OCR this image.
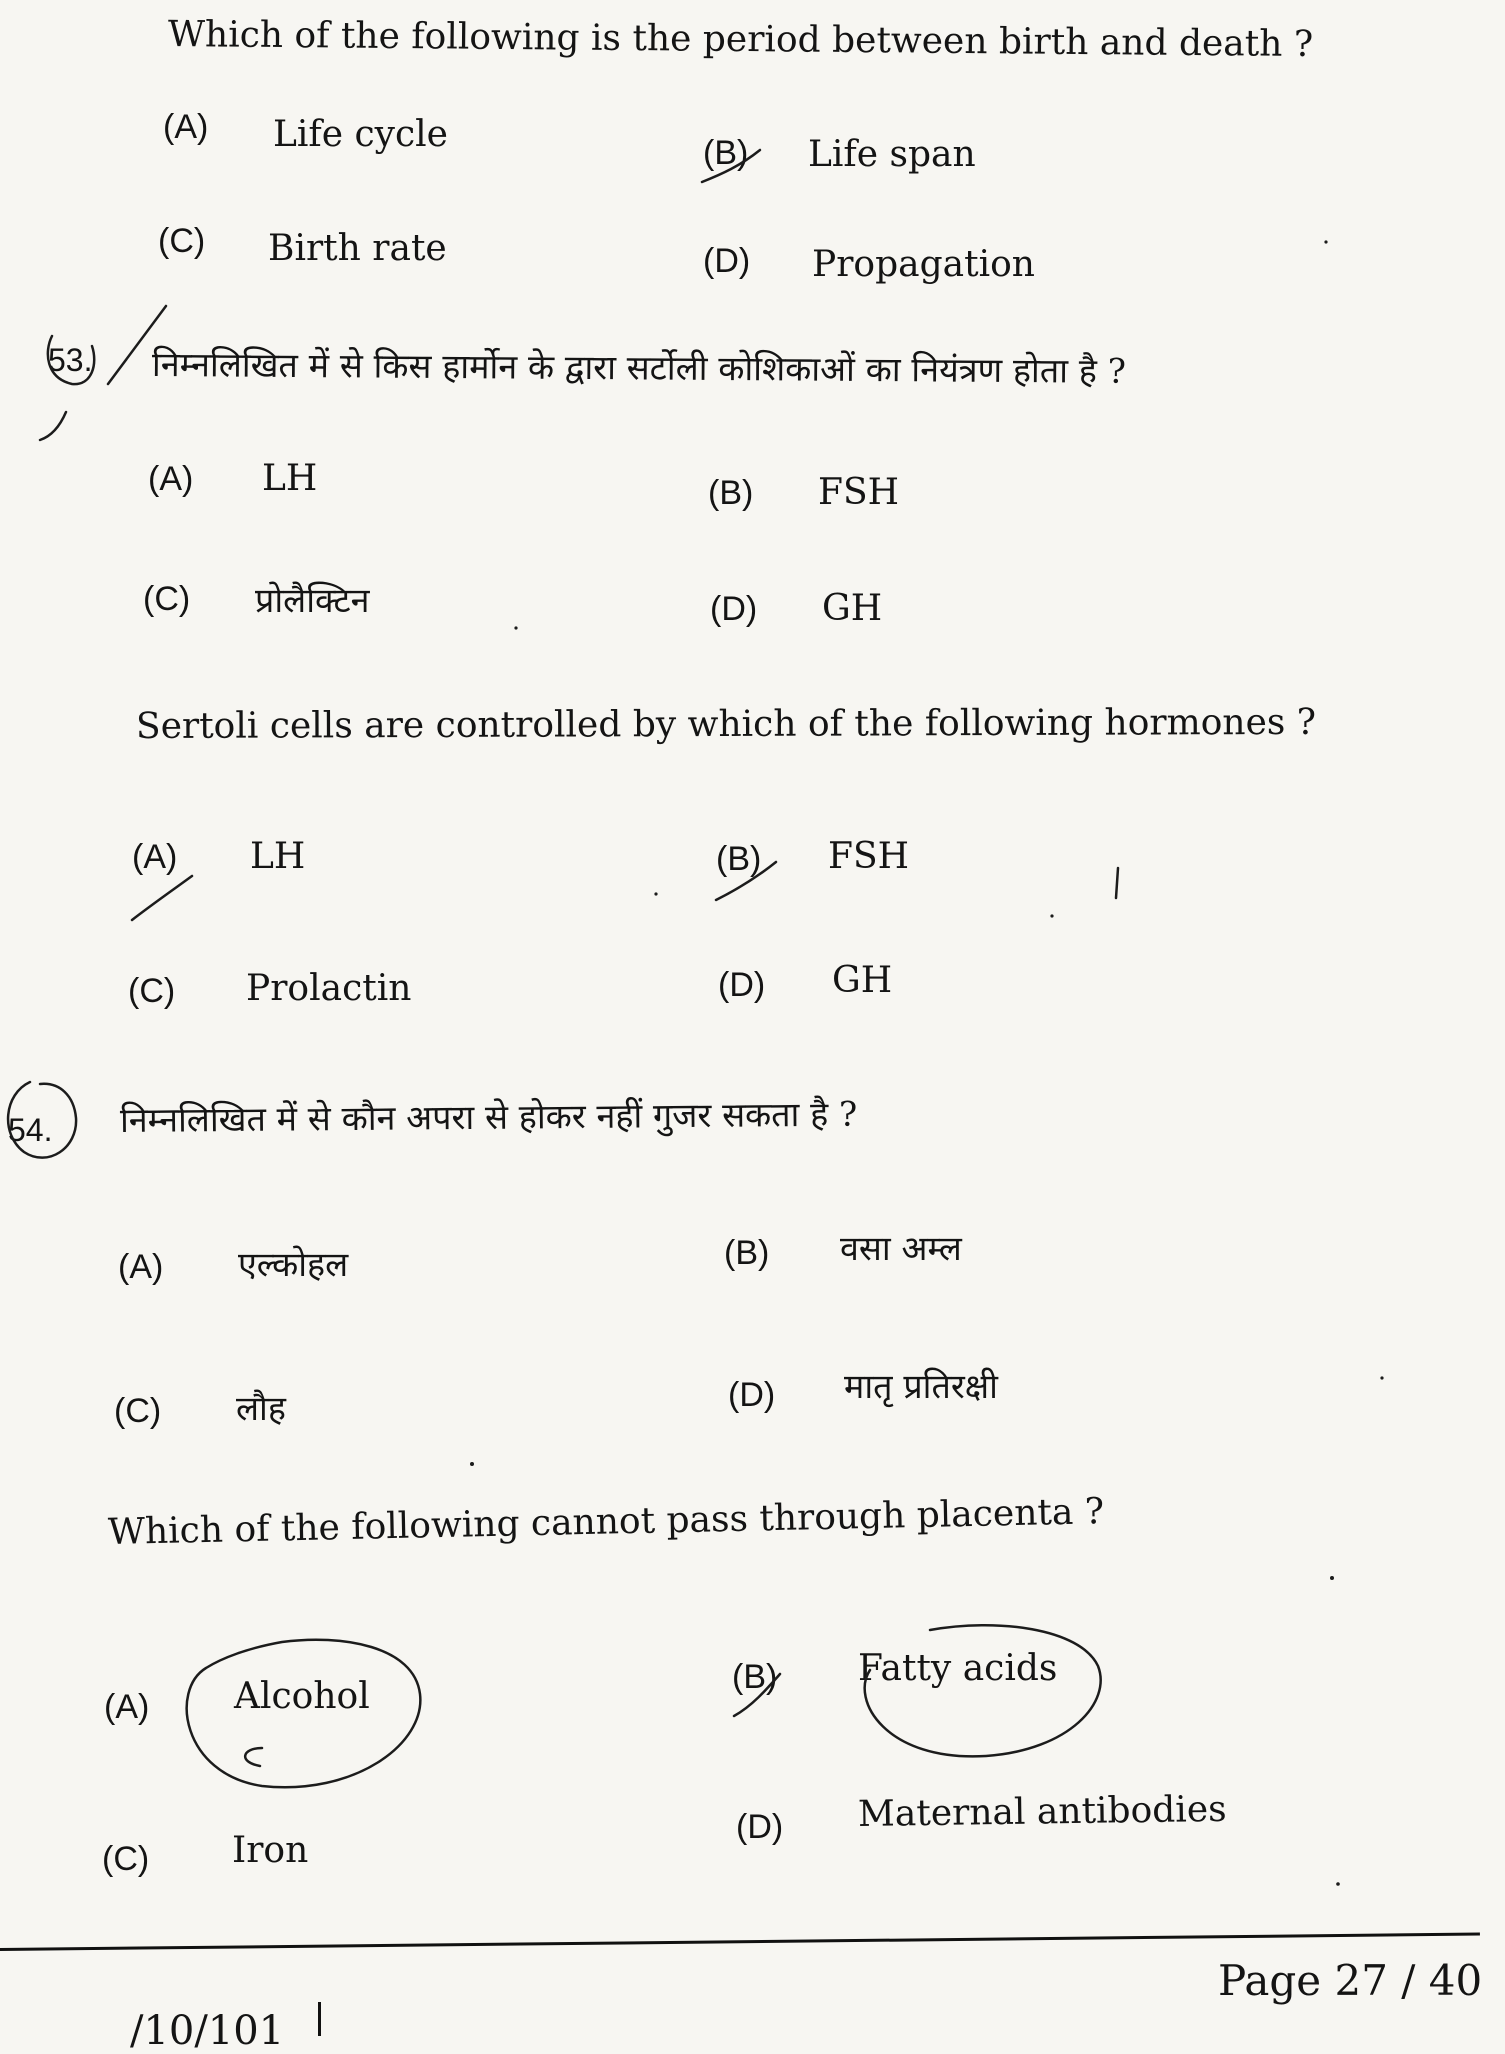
Which of the following is the period between birth and death ?
(A) Life cycle	(B) Life span
(C) Birth rate	(D) Propagation
53. निम्नलिखित में से किस हार्मोन के द्वारा सर्टोली कोशिकाओं का नियंत्रण होता है ?
(A) LH	(B) FSH
(C) प्रोलैक्टिन	(D) GH
Sertoli cells are controlled by which of the following hormones ?
(A) LH	(B) FSH
(C) Prolactin	(D) GH
54. निम्नलिखित में से कौन अपरा से होकर नहीं गुजर सकता है ?
(A) एल्कोहल	(B) वसा अम्ल
(C) लौह	(D) मातृ प्रतिरक्षी
Which of the following cannot pass through placenta ?
(A) Alcohol	(B) Fatty acids
(C) Iron
(D) Maternal antibodies
Page 27 / 40
/10/101
